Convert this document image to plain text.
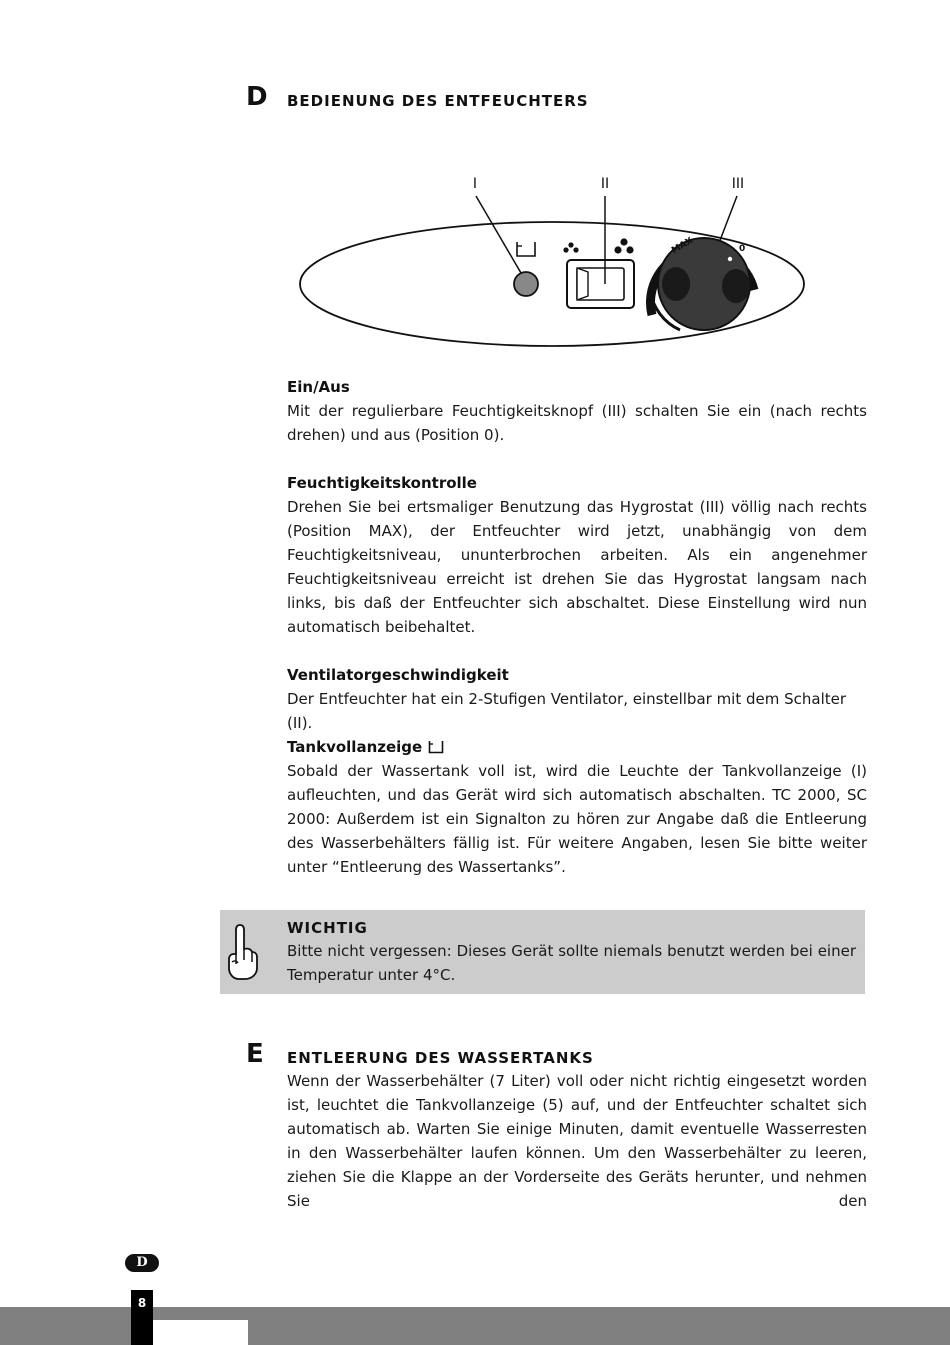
D BEDIENUNG DES ENTFEUCHTERS
I	II	III
MAX	0
Ein/Aus
Mit der regulierbare Feuchtigkeitsknopf (III) schalten Sie ein (nach rechts drehen) und aus (Position 0).
Feuchtigkeitskontrolle
Drehen Sie bei ertsmaliger Benutzung das Hygrostat (III) völlig nach rechts (Position MAX), der Entfeuchter wird jetzt, unabhängig von dem Feuchtigkeitsniveau, ununterbrochen arbeiten. Als ein angenehmer Feuchtigkeitsniveau erreicht ist drehen Sie das Hygrostat langsam nach links, bis daß der Entfeuchter sich abschaltet. Diese Einstellung wird nun automatisch beibehaltet.
Ventilatorgeschwindigkeit
Der Entfeuchter hat ein 2-Stufigen Ventilator, einstellbar mit dem Schalter (II).
Tankvollanzeige
Sobald der Wassertank voll ist, wird die Leuchte der Tankvollanzeige (I) aufleuchten, und das Gerät wird sich automatisch abschalten. TC 2000, SC 2000: Außerdem ist ein Signalton zu hören zur Angabe daß die Entleerung des Wasserbehälters fällig ist. Für weitere Angaben, lesen Sie bitte weiter unter “Entleerung des Wassertanks”.
WICHTIG
Bitte nicht vergessen: Dieses Gerät sollte niemals benutzt werden bei einer Temperatur unter 4°C.
E ENTLEERUNG DES WASSERTANKS
Wenn der Wasserbehälter (7 Liter) voll oder nicht richtig eingesetzt worden ist, leuchtet die Tankvollanzeige (5) auf, und der Entfeuchter schaltet sich automatisch ab. Warten Sie einige Minuten, damit eventuelle Wasserresten in den Wasserbehälter laufen können. Um den Wasserbehälter zu leeren, ziehen Sie die Klappe an der Vorderseite des Geräts herunter, und nehmen Sie den
D
8
